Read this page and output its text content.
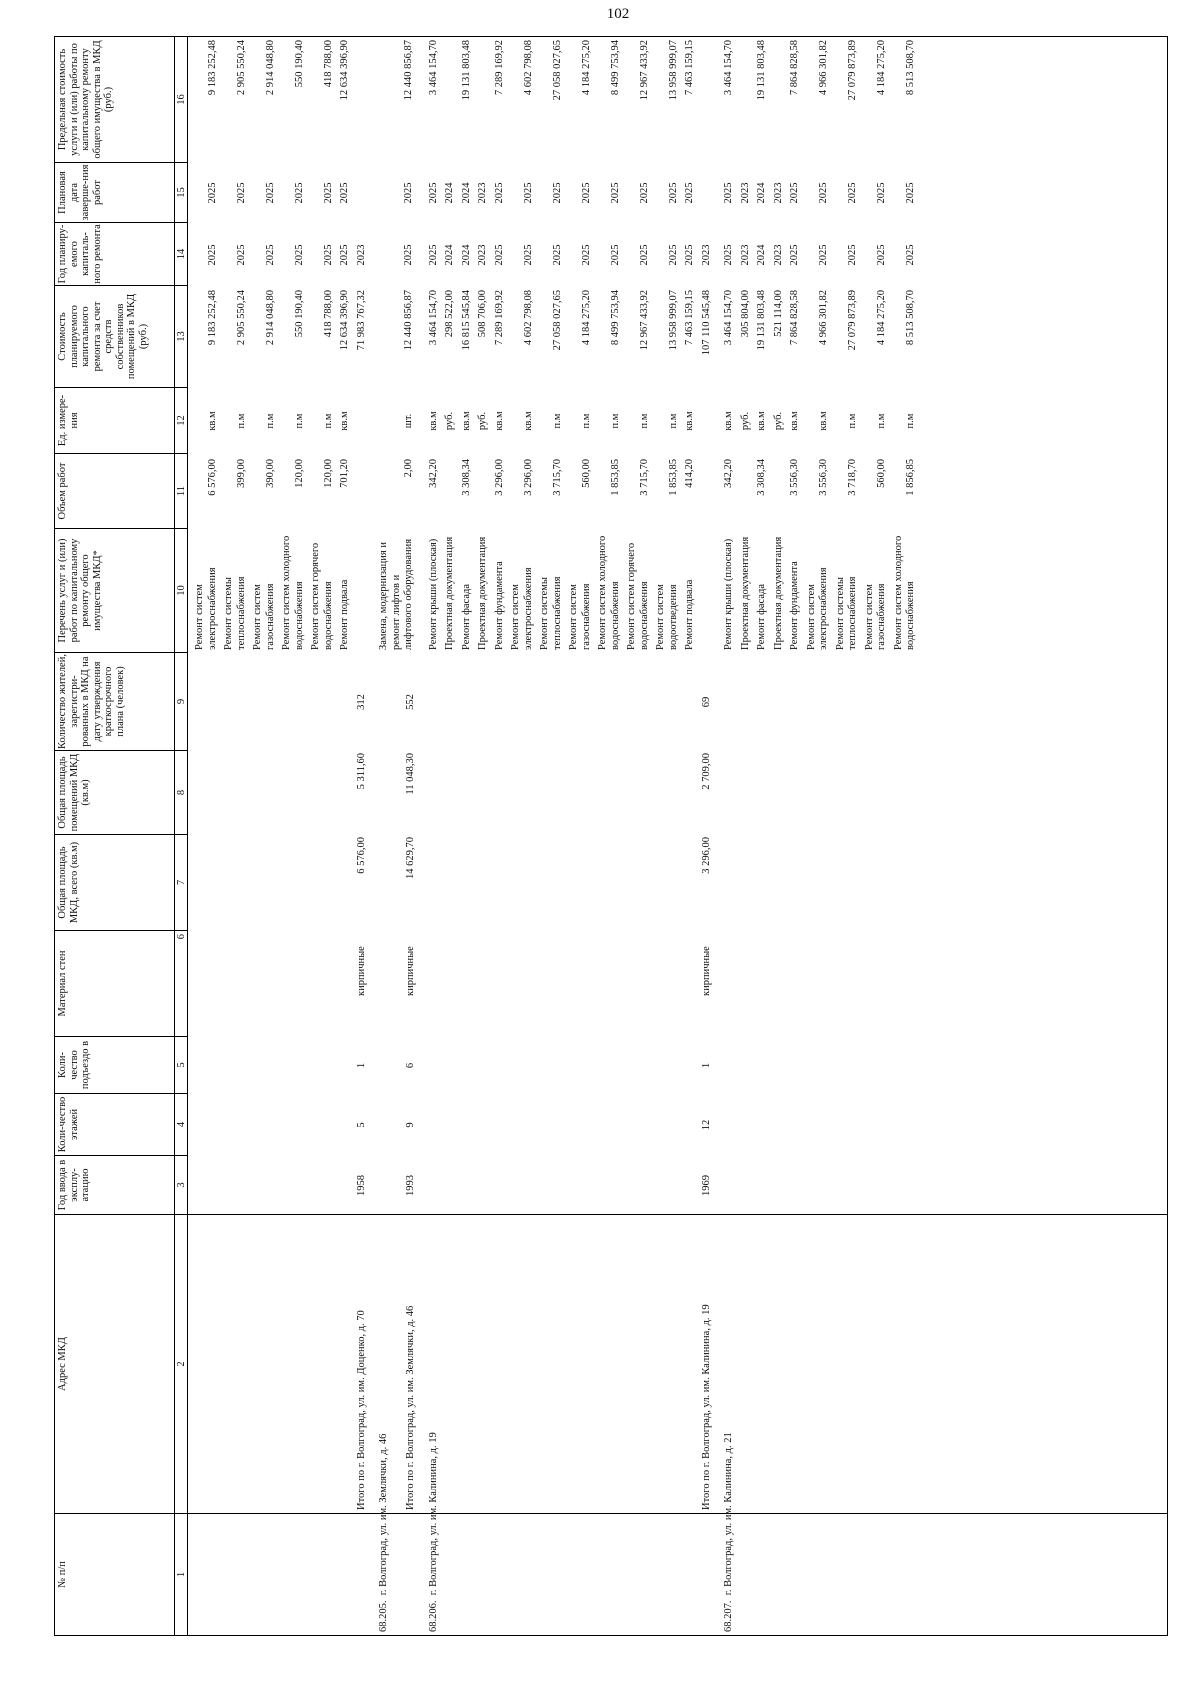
102
№ п/п
Адрес МКД
Год ввода в эксплу-атацию
Коли-чество этажей
Коли-чество подъездо в
Материал стен
Общая площадь МКД, всего (кв.м)
Общая площадь помещений МКД (кв.м)
Количество жителей, зарегистри-рованных в МКД на дату утверждения краткосрочного плана (человек)
Перечень услуг и (или) работ по капитальному ремонту общего имущества МКД*
Объем работ
Ед. измере-ния
Стоимость планируемого капитального ремонта за счет средств собственников помещений в МКД (руб.)
Год планиру-емого капиталь-ного ремонта
Плановая дата заверше-ния работ
Предельная стоимость услуги и (или) работы по капитальному ремонту общего имущества в МКД (руб.)
1
2
3
4
5
6
7
8
9
10
11
12
13
14
15
16
Ремонт систем электроснабжения
6 576,00
кв.м
9 183 252,48
2025
2025
9 183 252,48
Ремонт системы теплоснабжения
399,00
п.м
2 905 550,24
2025
2025
2 905 550,24
Ремонт систем газоснабжения
390,00
п.м
2 914 048,80
2025
2025
2 914 048,80
Ремонт систем холодного водоснабжения
120,00
п.м
550 190,40
2025
2025
550 190,40
Ремонт систем горячего водоснабжения
120,00
п.м
418 788,00
2025
2025
418 788,00
Ремонт подвала
701,20
кв.м
12 634 396,90
2025
2025
12 634 396,90
71 983 767,32
2023
Итого по г. Волгоград, ул. им. Доценко, д. 70
1958
5
1
кирпичные
6 576,00
5 311,60
312
68.205.  г. Волгоград, ул. им. Землячки, д. 46
Замена, модернизация и ремонт лифтов и лифтового оборудования
2,00
шт.
12 440 856,87
2025
2025
12 440 856,87
Итого по г. Волгоград, ул. им. Землячки, д. 46
1993
9
6
кирпичные
14 629,70
11 048,30
552
68.206.  г. Волгоград, ул. им. Калинина, д. 19
Ремонт крыши (плоская)
342,20
кв.м
3 464 154,70
2025
2025
3 464 154,70
Проектная документация
руб.
298 522,00
2024
2024
Ремонт фасада
3 308,34
кв.м
16 815 545,84
2024
2024
19 131 803,48
Проектная документация
руб.
508 706,00
2023
2023
Ремонт фундамента
3 296,00
кв.м
7 289 169,92
2025
2025
7 289 169,92
Ремонт систем электроснабжения
3 296,00
кв.м
4 602 798,08
2025
2025
4 602 798,08
Ремонт системы теплоснабжения
3 715,70
п.м
27 058 027,65
2025
2025
27 058 027,65
Ремонт систем газоснабжения
560,00
п.м
4 184 275,20
2025
2025
4 184 275,20
Ремонт систем холодного водоснабжения
1 853,85
п.м
8 499 753,94
2025
2025
8 499 753,94
Ремонт систем горячего водоснабжения
3 715,70
п.м
12 967 433,92
2025
2025
12 967 433,92
Ремонт систем водоотведения
1 853,85
п.м
13 958 999,07
2025
2025
13 958 999,07
Ремонт подвала
414,20
кв.м
7 463 159,15
2025
2025
7 463 159,15
107 110 545,48
2023
Итого по г. Волгоград, ул. им. Калинина, д. 19
1969
12
1
кирпичные
3 296,00
2 709,00
69
68.207.  г. Волгоград, ул. им. Калинина, д. 21
Ремонт крыши (плоская)
342,20
кв.м
3 464 154,70
2025
2025
3 464 154,70
Проектная документация
руб.
305 804,00
2023
2023
Ремонт фасада
3 308,34
кв.м
19 131 803,48
2024
2024
19 131 803,48
Проектная документация
руб.
521 114,00
2023
2023
Ремонт фундамента
3 556,30
кв.м
7 864 828,58
2025
2025
7 864 828,58
Ремонт систем электроснабжения
3 556,30
кв.м
4 966 301,82
2025
2025
4 966 301,82
Ремонт системы теплоснабжения
3 718,70
п.м
27 079 873,89
2025
2025
27 079 873,89
Ремонт систем газоснабжения
560,00
п.м
4 184 275,20
2025
2025
4 184 275,20
Ремонт систем холодного водоснабжения
1 856,85
п.м
8 513 508,70
2025
2025
8 513 508,70
